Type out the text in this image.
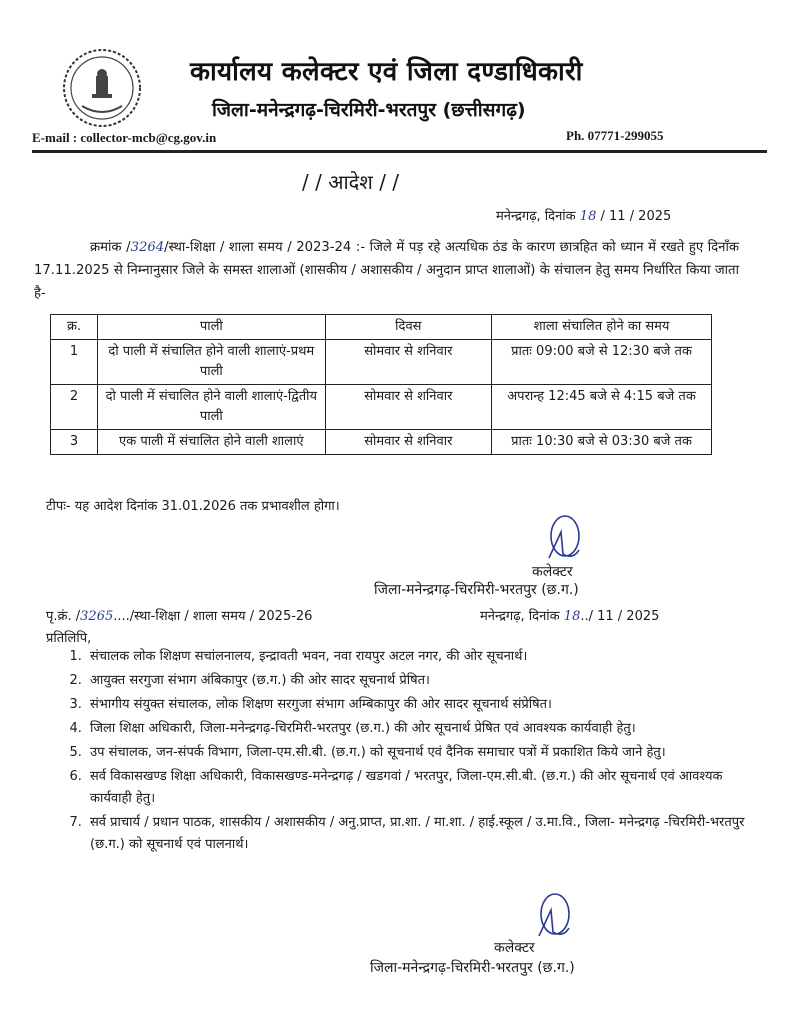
कार्यालय कलेक्टर एवं जिला दण्डाधिकारी
जिला-मनेन्द्रगढ़-चिरमिरी-भरतपुर (छत्तीसगढ़)
E-mail : collector-mcb@cg.gov.in	Ph. 07771-299055
/ / आदेश / /
मनेन्द्रगढ़, दिनांक 18 / 11 / 2025
क्रमांक /3264/स्था-शिक्षा / शाला समय / 2023-24 :- जिले में पड़ रहे अत्यधिक ठंड के कारण छात्रहित को ध्यान में रखते हुए दिनाँक 17.11.2025 से निम्नानुसार जिले के समस्त शालाओं (शासकीय / अशासकीय / अनुदान प्राप्त शालाओं) के संचालन हेतु समय निर्धारित किया जाता है-
क्र.	पाली	दिवस	शाला संचालित होने का समय
1	दो पाली में संचालित होने वाली शालाएं-प्रथम पाली	सोमवार से शनिवार	प्रातः 09:00 बजे से 12:30 बजे तक
2	दो पाली में संचालित होने वाली शालाएं-द्वितीय पाली	सोमवार से शनिवार	अपरान्ह 12:45 बजे से 4:15 बजे तक
3	एक पाली में संचालित होने वाली शालाएं	सोमवार से शनिवार	प्रातः 10:30 बजे से 03:30 बजे तक
टीपः- यह आदेश दिनांक 31.01.2026 तक प्रभावशील होगा।
कलेक्टर
जिला-मनेन्द्रगढ़-चिरमिरी-भरतपुर (छ.ग.)
पृ.क्रं. /3265..../स्था-शिक्षा / शाला समय / 2025-26	मनेन्द्रगढ़, दिनांक 18../ 11 / 2025
प्रतिलिपि,
1. संचालक लोक शिक्षण सचांलनालय, इन्द्रावती भवन, नवा रायपुर अटल नगर, की ओर सूचनार्थ।
2. आयुक्त सरगुजा संभाग अंबिकापुर (छ.ग.) की ओर सादर सूचनार्थ प्रेषित।
3. संभागीय संयुक्त संचालक, लोक शिक्षण सरगुजा संभाग अम्बिकापुर की ओर सादर सूचनार्थ संप्रेषित।
4. जिला शिक्षा अधिकारी, जिला-मनेन्द्रगढ़-चिरमिरी-भरतपुर (छ.ग.) की ओर सूचनार्थ प्रेषित एवं आवश्यक कार्यवाही हेतु।
5. उप संचालक, जन-संपर्क विभाग, जिला-एम.सी.बी. (छ.ग.) को सूचनार्थ एवं दैनिक समाचार पत्रों में प्रकाशित किये जाने हेतु।
6. सर्व विकासखण्ड शिक्षा अधिकारी, विकासखण्ड-मनेन्द्रगढ़ / खडगवां / भरतपुर, जिला-एम.सी.बी. (छ.ग.) की ओर सूचनार्थ एवं आवश्यक कार्यवाही हेतु।
7. सर्व प्राचार्य / प्रधान पाठक, शासकीय / अशासकीय / अनु.प्राप्त, प्रा.शा. / मा.शा. / हाई.स्कूल / उ.मा.वि., जिला- मनेन्द्रगढ़ -चिरमिरी-भरतपुर (छ.ग.) को सूचनार्थ एवं पालनार्थ।
कलेक्टर
जिला-मनेन्द्रगढ़-चिरमिरी-भरतपुर (छ.ग.)
